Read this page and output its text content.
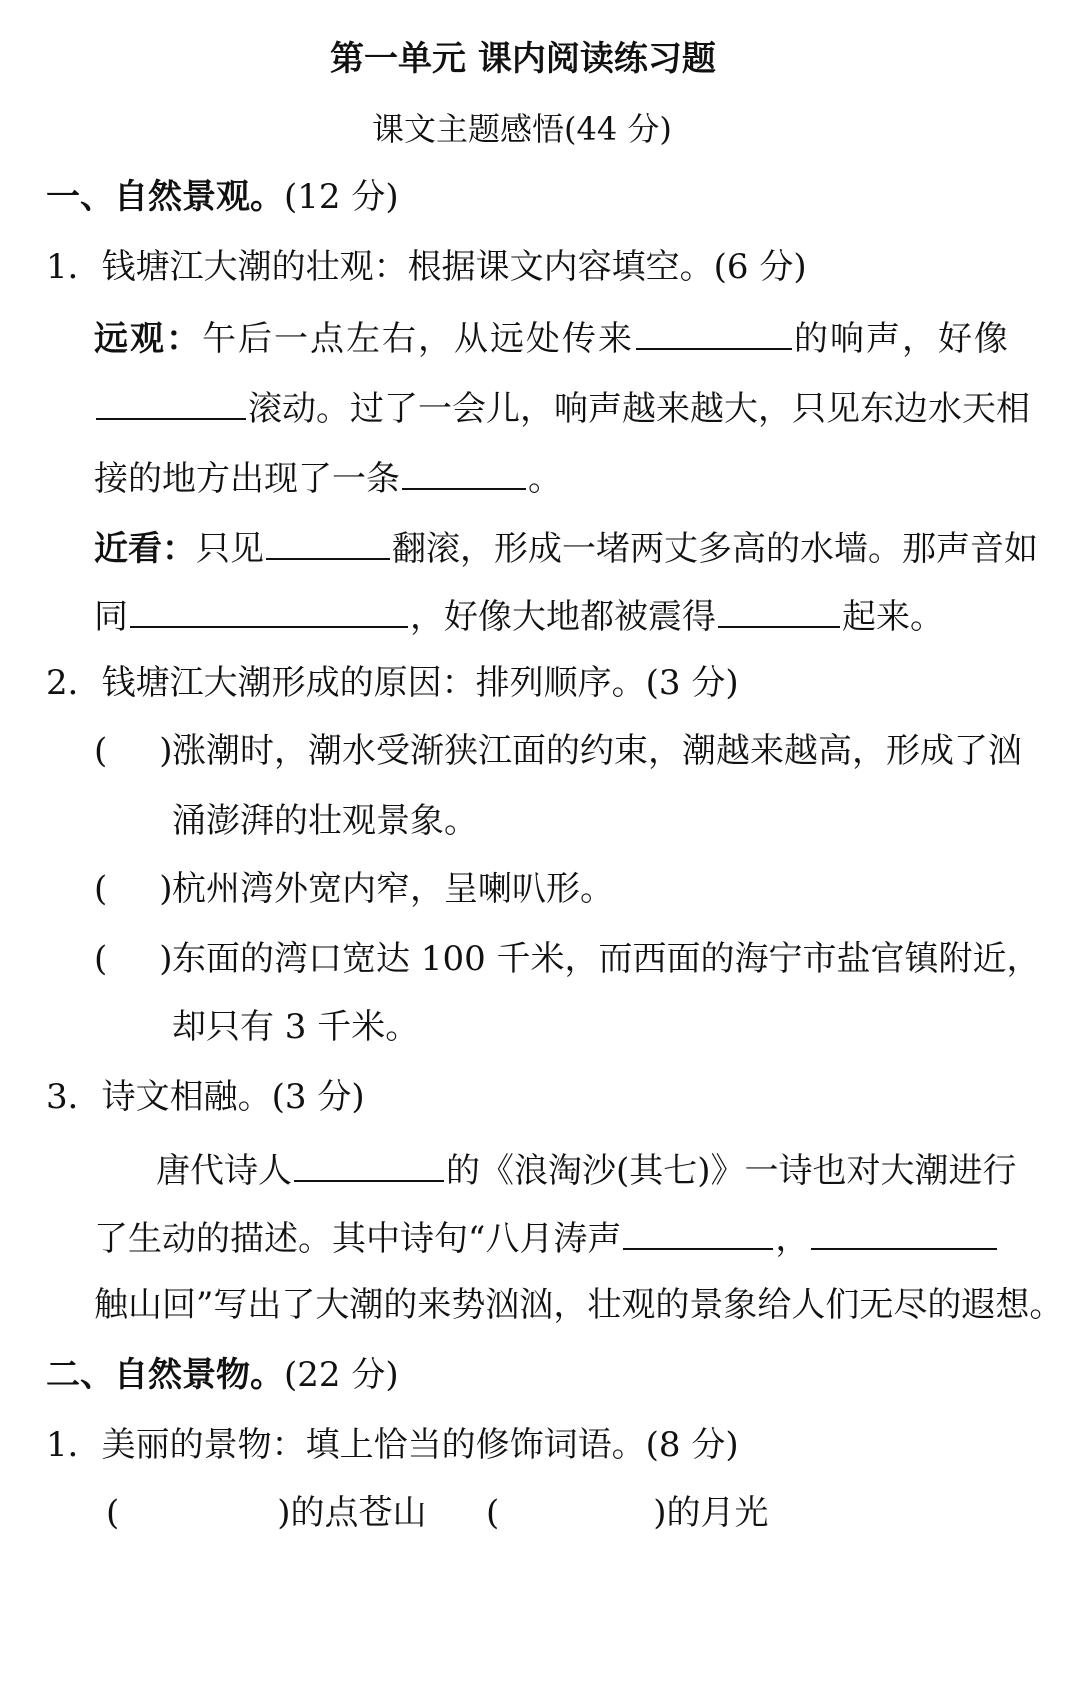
第一单元 课内阅读练习题
课文主题感悟(44 分)
一、自然景观。(12 分)
1．钱塘江大潮的壮观：根据课文内容填空。(6 分)
远观：午后一点左右，从远处传来	的响声，好像
滚动。过了一会儿，响声越来越大，只见东边水天相
接的地方出现了一条	。
近看：只见	翻滚，形成一堵两丈多高的水墙。那声音如
同	，好像大地都被震得	起来。
2．钱塘江大潮形成的原因：排列顺序。(3 分)
( )涨潮时，潮水受渐狭江面的约束，潮越来越高，形成了汹
涌澎湃的壮观景象。
( )杭州湾外宽内窄，呈喇叭形。
( )东面的湾口宽达 100 千米，而西面的海宁市盐官镇附近，
却只有 3 千米。
3．诗文相融。(3 分)
唐代诗人	的《浪淘沙(其七)》一诗也对大潮进行
了生动的描述。其中诗句“八月涛声	，
触山回”写出了大潮的来势汹汹，壮观的景象给人们无尽的遐想。
二、自然景物。(22 分)
1．美丽的景物：填上恰当的修饰词语。(8 分)
(	)的点苍山 (	)的月光
